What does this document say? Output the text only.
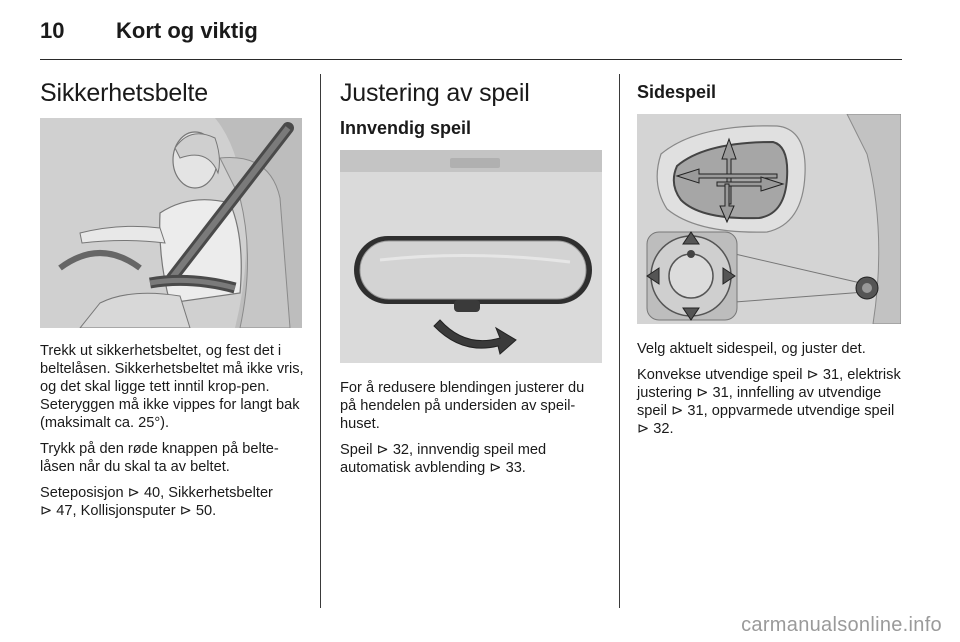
10 Kort og viktig
Sikkerhetsbelte

Trekk ut sikkerhetsbeltet, og fest det i beltelåsen. Sikkerhetsbeltet må ikke vris, og det skal ligge tett inntil krop-pen. Seteryggen må ikke vippes for langt bak (maksimalt ca. 25°).

Trykk på den røde knappen på belte-låsen når du skal ta av beltet.

Seteposisjon ⊳ 40, Sikkerhetsbelter
⊳ 47, Kollisjonsputer ⊳ 50.

Justering av speil
Innvendig speil

For å redusere blendingen justerer du på hendelen på undersiden av speil-huset.

Speil ⊳ 32, innvendig speil med automatisk avblending ⊳ 33.

Sidespeil

Velg aktuelt sidespeil, og juster det.

Konvekse utvendige speil ⊳ 31, elektrisk justering ⊳ 31, innfelling av utvendige speil ⊳ 31, oppvarmede utvendige speil ⊳ 32.

carmanualsonline.info
